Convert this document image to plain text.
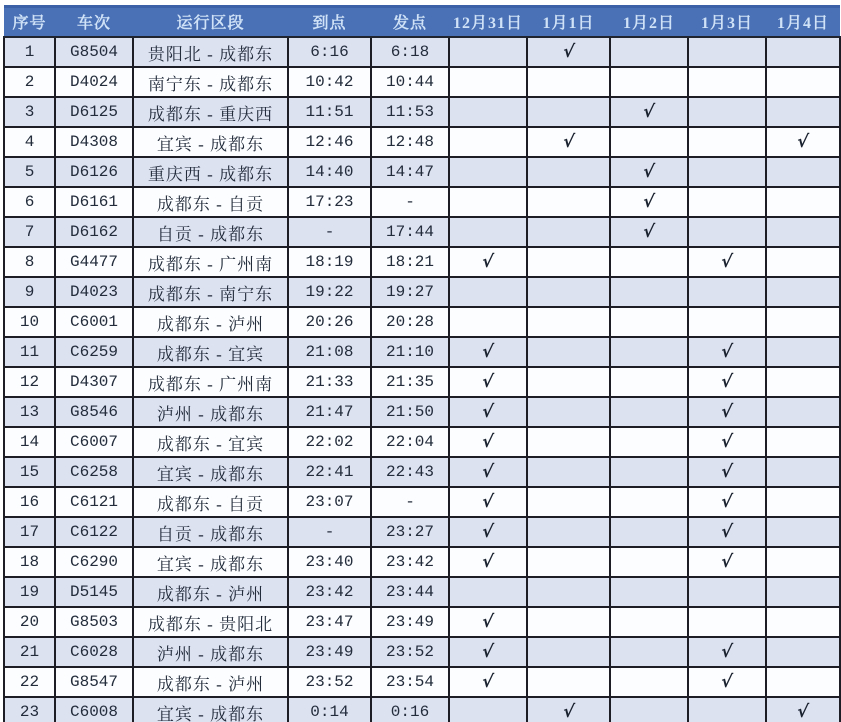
序号	车次	运行区段	到点	发点	12月31日	1月1日	1月2日	1月3日	1月4日
1	G8504	贵阳北 - 成都东	6:16	6:18		√			
2	D4024	南宁东 - 成都东	10:42	10:44					
3	D6125	成都东 - 重庆西	11:51	11:53			√		
4	D4308	宜宾 - 成都东	12:46	12:48		√			√
5	D6126	重庆西 - 成都东	14:40	14:47			√		
6	D6161	成都东 - 自贡	17:23	-			√		
7	D6162	自贡 - 成都东	-	17:44			√		
8	G4477	成都东 - 广州南	18:19	18:21	√			√	
9	D4023	成都东 - 南宁东	19:22	19:27					
10	C6001	成都东 - 泸州	20:26	20:28					
11	C6259	成都东 - 宜宾	21:08	21:10	√			√	
12	D4307	成都东 - 广州南	21:33	21:35	√			√	
13	G8546	泸州 - 成都东	21:47	21:50	√			√	
14	C6007	成都东 - 宜宾	22:02	22:04	√			√	
15	C6258	宜宾 - 成都东	22:41	22:43	√			√	
16	C6121	成都东 - 自贡	23:07	-	√			√	
17	C6122	自贡 - 成都东	-	23:27	√			√	
18	C6290	宜宾 - 成都东	23:40	23:42	√			√	
19	D5145	成都东 - 泸州	23:42	23:44					
20	G8503	成都东 - 贵阳北	23:47	23:49	√				
21	C6028	泸州 - 成都东	23:49	23:52	√			√	
22	G8547	成都东 - 泸州	23:52	23:54	√			√	
23	C6008	宜宾 - 成都东	0:14	0:16		√			√
